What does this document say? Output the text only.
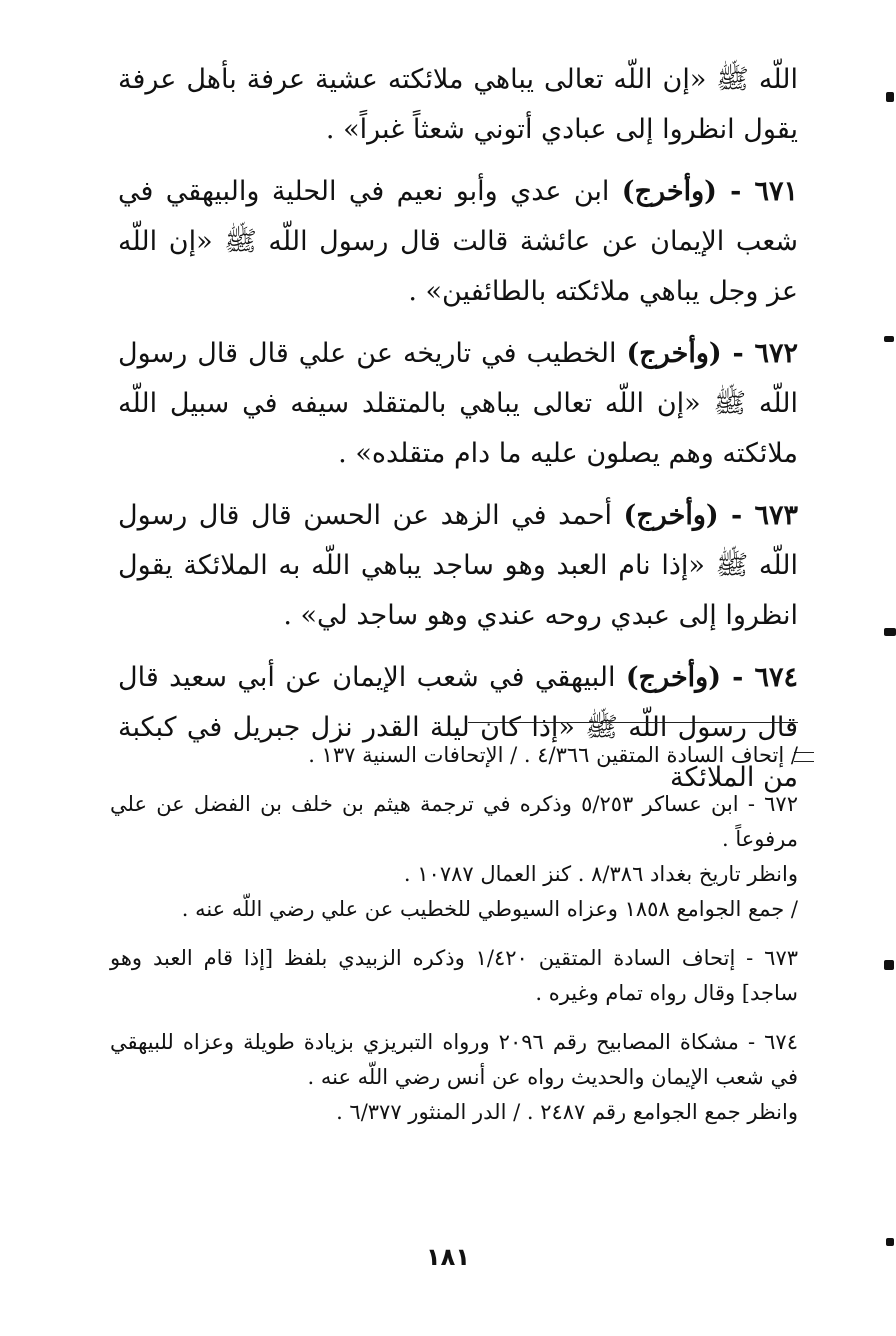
اللّه ﷺ «إن اللّه تعالى يباهي ملائكته عشية عرفة بأهل عرفة يقول انظروا إلى عبادي أتوني شعثاً غبراً» .

٦٧١ - (وأخرج) ابن عدي وأبو نعيم في الحلية والبيهقي في شعب الإيمان عن عائشة قالت قال رسول اللّه ﷺ «إن اللّه عز وجل يباهي ملائكته بالطائفين» .

٦٧٢ - (وأخرج) الخطيب في تاريخه عن علي قال قال رسول اللّه ﷺ «إن اللّه تعالى يباهي بالمتقلد سيفه في سبيل اللّه ملائكته وهم يصلون عليه ما دام متقلده» .

٦٧٣ - (وأخرج) أحمد في الزهد عن الحسن قال قال رسول اللّه ﷺ «إذا نام العبد وهو ساجد يباهي اللّه به الملائكة يقول انظروا إلى عبدي روحه عندي وهو ساجد لي» .

٦٧٤ - (وأخرج) البيهقي في شعب الإيمان عن أبي سعيد قال قال رسول اللّه ﷺ «إذا كان ليلة القدر نزل جبريل في كبكبة من الملائكة

/ إتحاف السادة المتقين ٤/٣٦٦ . / الإتحافات السنية ١٣٧ .

٦٧٢ - ابن عساكر ٥/٢٥٣ وذكره في ترجمة هيثم بن خلف بن الفضل عن علي مرفوعاً .
وانظر تاريخ بغداد ٨/٣٨٦ . كنز العمال ١٠٧٨٧ .
/ جمع الجوامع ١٨٥٨ وعزاه السيوطي للخطيب عن علي رضي اللّه عنه .

٦٧٣ - إتحاف السادة المتقين ١/٤٢٠ وذكره الزبيدي بلفظ [إذا قام العبد وهو ساجد] وقال رواه تمام وغيره .

٦٧٤ - مشكاة المصابيح رقم ٢٠٩٦ ورواه التبريزي بزيادة طويلة وعزاه للبيهقي في شعب الإيمان والحديث رواه عن أنس رضي اللّه عنه .
وانظر جمع الجوامع رقم ٢٤٨٧ . / الدر المنثور ٦/٣٧٧ .

١٨١
